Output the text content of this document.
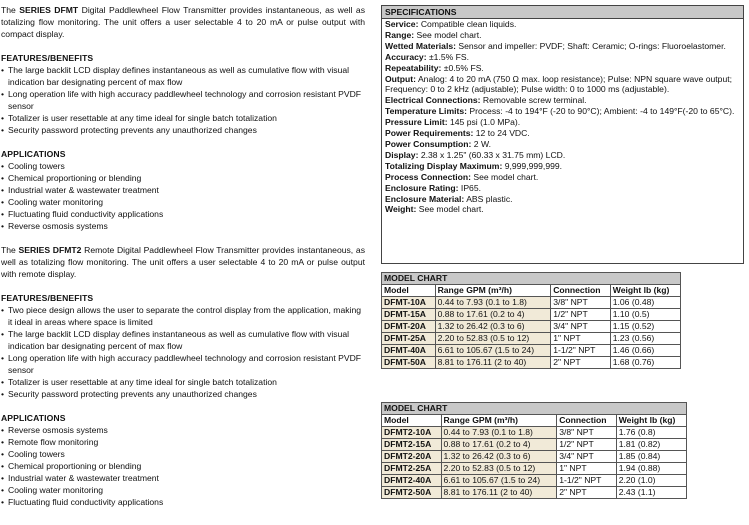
The SERIES DFMT Digital Paddlewheel Flow Transmitter provides instantaneous, as well as totalizing flow monitoring. The unit offers a user selectable 4 to 20 mA or pulse output with compact display.

FEATURES/BENEFITS
• The large backlit LCD display defines instantaneous as well as cumulative flow with visual indication bar designating percent of max flow
• Long operation life with high accuracy paddlewheel technology and corrosion resistant PVDF sensor
• Totalizer is user resettable at any time ideal for single batch totalization
• Security password protecting prevents any unauthorized changes
APPLICATIONS
• Cooling towers
• Chemical proportioning or blending
• Industrial water & wastewater treatment
• Cooling water monitoring
• Fluctuating fluid conductivity applications
• Reverse osmosis systems

The SERIES DFMT2 Remote Digital Paddlewheel Flow Transmitter provides instantaneous, as well as totalizing flow monitoring. The unit offers a user selectable 4 to 20 mA or pulse output with remote display.

FEATURES/BENEFITS
• Two piece design allows the user to separate the control display from the application, making it ideal in areas where space is limited
• The large backlit LCD display defines instantaneous as well as cumulative flow with visual indication bar designating percent of max flow
• Long operation life with high accuracy paddlewheel technology and corrosion resistant PVDF sensor
• Totalizer is user resettable at any time ideal for single batch totalization
• Security password protecting prevents any unauthorized changes
APPLICATIONS
• Reverse osmosis systems
• Remote flow monitoring
• Cooling towers
• Chemical proportioning or blending
• Industrial water & wastewater treatment
• Cooling water monitoring
• Fluctuating fluid conductivity applications
SPECIFICATIONS
Service: Compatible clean liquids.
Range: See model chart.
Wetted Materials: Sensor and impeller: PVDF; Shaft: Ceramic; O-rings: Fluoroelastomer.
Accuracy: ±1.5% FS.
Repeatability: ±0.5% FS.
Output: Analog: 4 to 20 mA (750 Ω max. loop resistance); Pulse: NPN square wave output; Frequency: 0 to 2 kHz (adjustable); Pulse width: 0 to 1000 ms (adjustable).
Electrical Connections: Removable screw terminal.
Temperature Limits: Process: -4 to 194°F (-20 to 90°C); Ambient: -4 to 149°F(-20 to 65°C).
Pressure Limit: 145 psi (1.0 MPa).
Power Requirements: 12 to 24 VDC.
Power Consumption: 2 W.
Display: 2.38 x 1.25" (60.33 x 31.75 mm) LCD.
Totalizing Display Maximum: 9,999,999,999.
Process Connection: See model chart.
Enclosure Rating: IP65.
Enclosure Material: ABS plastic.
Weight: See model chart.
MODEL CHART			
Model	Range GPM (m³/h)	Connection	Weight lb (kg)
DFMT-10A	0.44 to 7.93 (0.1 to 1.8)	3/8" NPT	1.06 (0.48)
DFMT-15A	0.88 to 17.61 (0.2 to 4)	1/2" NPT	1.10 (0.5)
DFMT-20A	1.32 to 26.42 (0.3 to 6)	3/4" NPT	1.15 (0.52)
DFMT-25A	2.20 to 52.83 (0.5 to 12)	1" NPT	1.23 (0.56)
DFMT-40A	6.61 to 105.67 (1.5 to 24)	1-1/2" NPT	1.46 (0.66)
DFMT-50A	8.81 to 176.11 (2 to 40)	2" NPT	1.68 (0.76)
MODEL CHART			
Model	Range GPM (m³/h)	Connection	Weight lb (kg)
DFMT2-10A	0.44 to 7.93 (0.1 to 1.8)	3/8" NPT	1.76 (0.8)
DFMT2-15A	0.88 to 17.61 (0.2 to 4)	1/2" NPT	1.81 (0.82)
DFMT2-20A	1.32 to 26.42 (0.3 to 6)	3/4" NPT	1.85 (0.84)
DFMT2-25A	2.20 to 52.83 (0.5 to 12)	1" NPT	1.94 (0.88)
DFMT2-40A	6.61 to 105.67 (1.5 to 24)	1-1/2" NPT	2.20 (1.0)
DFMT2-50A	8.81 to 176.11 (2 to 40)	2" NPT	2.43 (1.1)
